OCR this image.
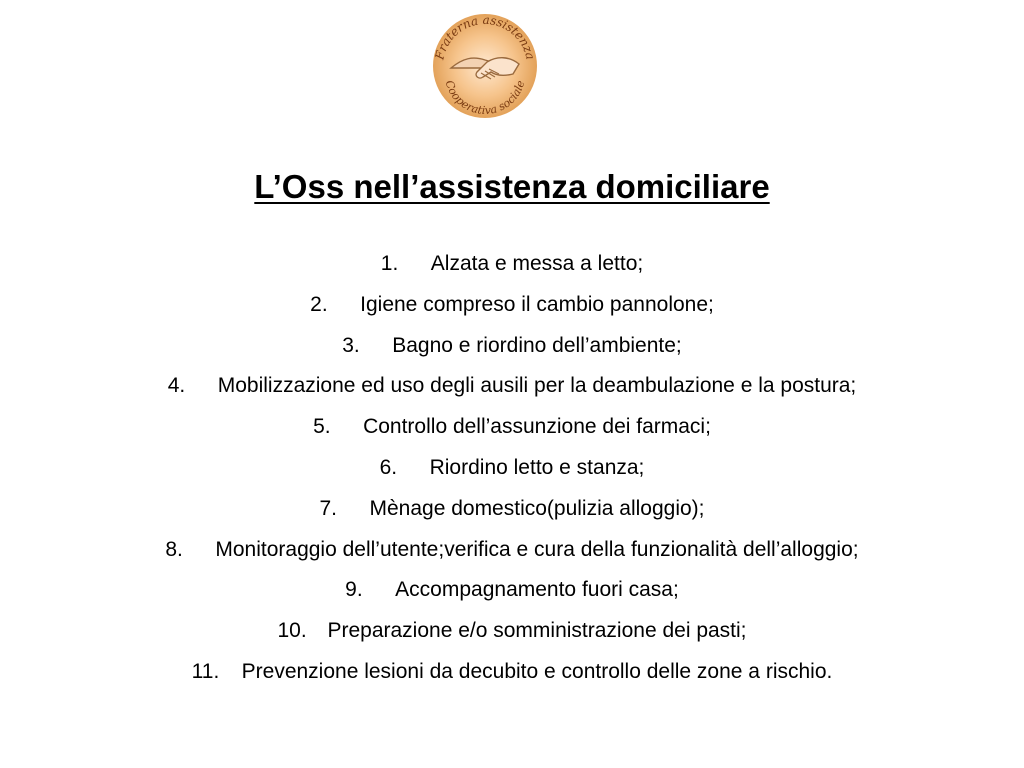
Fraterna assistenza
Cooperativa sociale
L’Oss nell’assistenza domiciliare
1. Alzata e messa a letto;
2. Igiene compreso il cambio pannolone;
3. Bagno e riordino dell’ambiente;
4. Mobilizzazione ed uso degli ausili per la deambulazione e la postura;
5. Controllo dell’assunzione dei farmaci;
6. Riordino letto e stanza;
7. Mènage domestico(pulizia alloggio);
8. Monitoraggio dell’utente;verifica e cura della funzionalità dell’alloggio;
9. Accompagnamento fuori casa;
10. Preparazione e/o somministrazione dei pasti;
11. Prevenzione lesioni da decubito e controllo delle zone a rischio.
